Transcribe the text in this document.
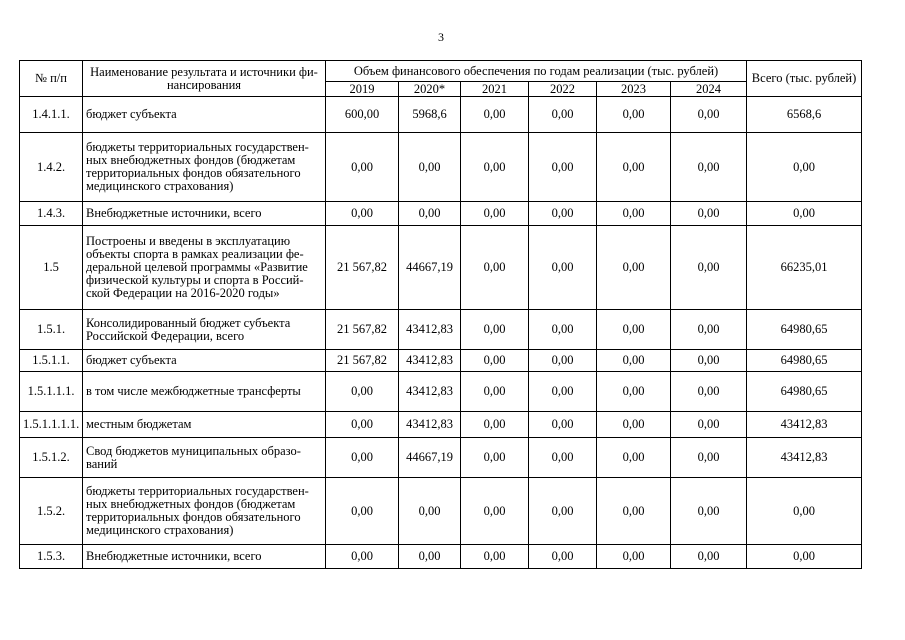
3
№ п/п	Наименование результата и источники фи-нансирования	Объем финансового обеспечения по годам реализации (тыс. рублей)						Всего (тыс. рублей)
		2019	2020*	2021	2022	2023	2024	
1.4.1.1.	бюджет субъекта	600,00	5968,6	0,00	0,00	0,00	0,00	6568,6
1.4.2.	бюджеты территориальных государствен-ных внебюджетных фондов (бюджетам территориальных фондов обязательного медицинского страхования)	0,00	0,00	0,00	0,00	0,00	0,00	0,00
1.4.3.	Внебюджетные источники, всего	0,00	0,00	0,00	0,00	0,00	0,00	0,00
1.5	Построены и введены в эксплуатацию объекты спорта в рамках реализации фе-деральной целевой программы «Развитие физической культуры и спорта в Россий-ской Федерации на 2016-2020 годы»	21 567,82	44667,19	0,00	0,00	0,00	0,00	66235,01
1.5.1.	Консолидированный бюджет субъекта Российской Федерации, всего	21 567,82	43412,83	0,00	0,00	0,00	0,00	64980,65
1.5.1.1.	бюджет субъекта	21 567,82	43412,83	0,00	0,00	0,00	0,00	64980,65
1.5.1.1.1.	в том числе межбюджетные трансферты	0,00	43412,83	0,00	0,00	0,00	0,00	64980,65
1.5.1.1.1.1.	местным бюджетам	0,00	43412,83	0,00	0,00	0,00	0,00	43412,83
1.5.1.2.	Свод бюджетов муниципальных образо-ваний	0,00	44667,19	0,00	0,00	0,00	0,00	43412,83
1.5.2.	бюджеты территориальных государствен-ных внебюджетных фондов (бюджетам территориальных фондов обязательного медицинского страхования)	0,00	0,00	0,00	0,00	0,00	0,00	0,00
1.5.3.	Внебюджетные источники, всего	0,00	0,00	0,00	0,00	0,00	0,00	0,00
